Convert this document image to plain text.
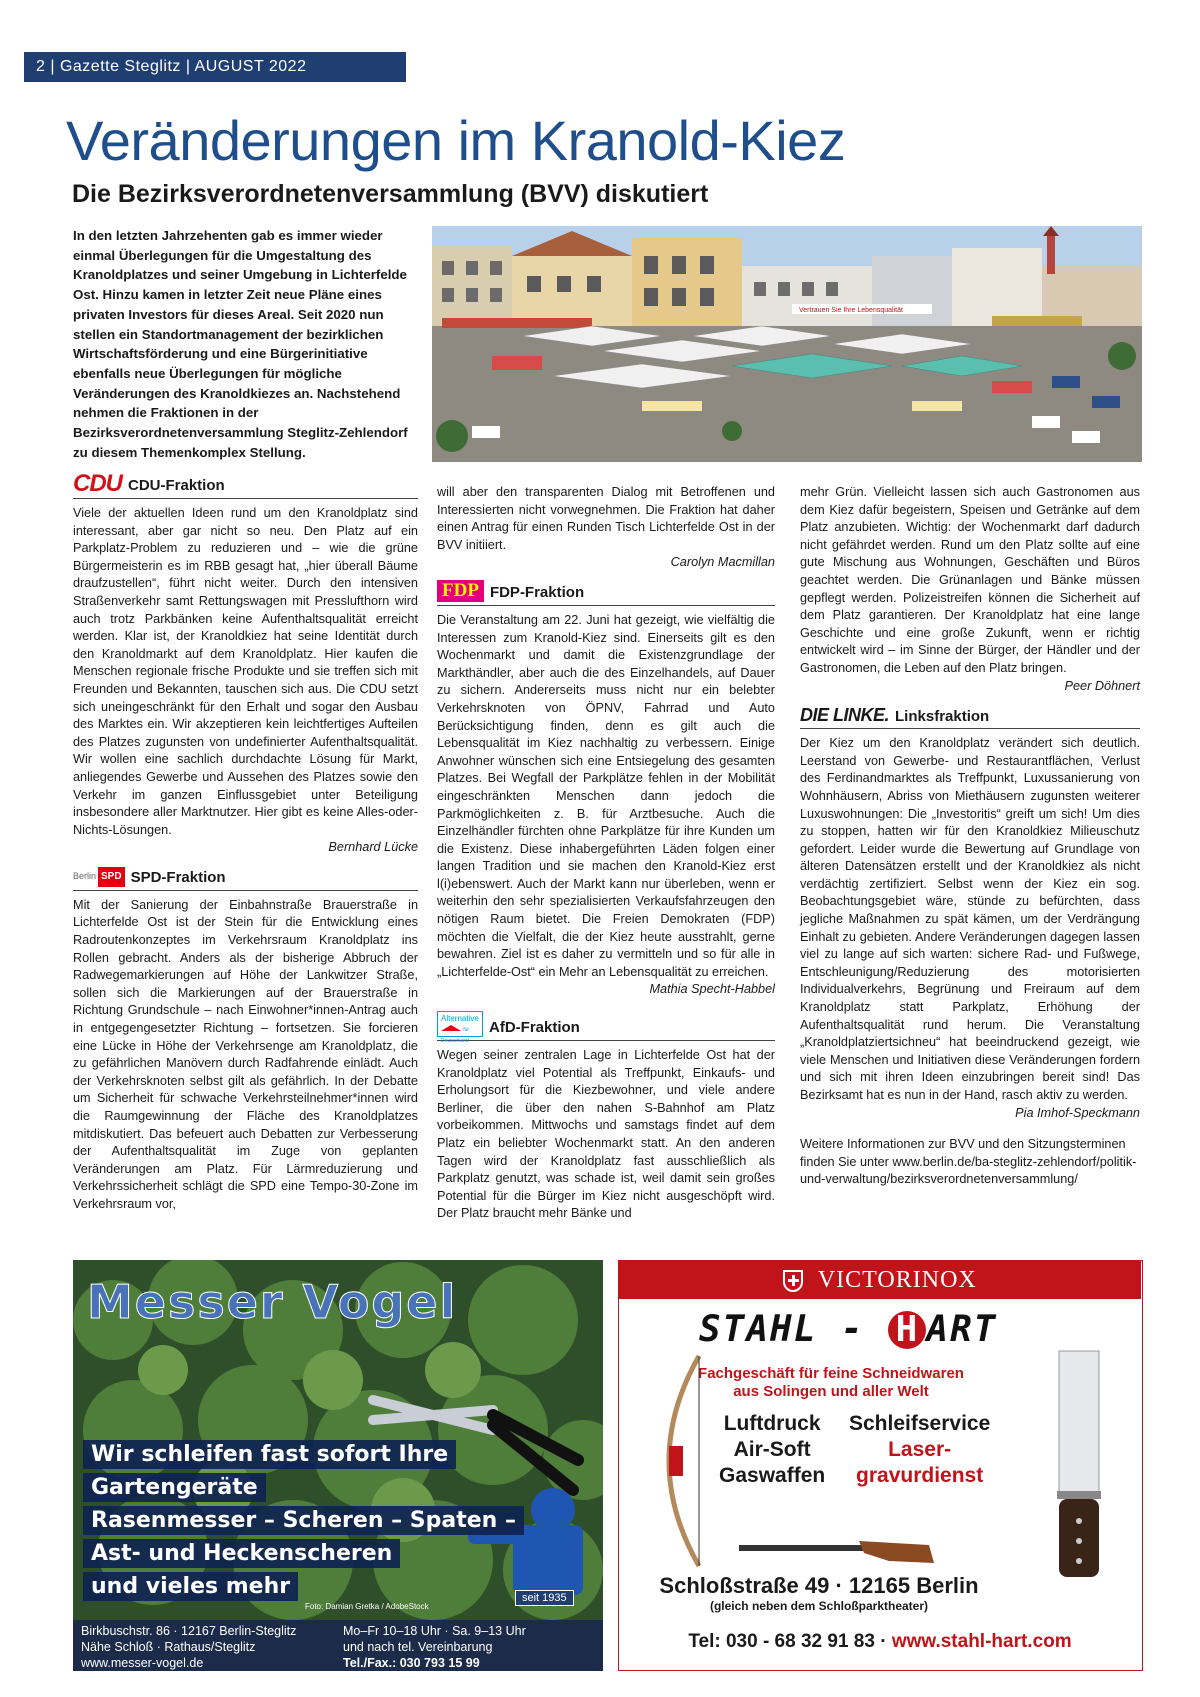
2 | Gazette Steglitz | AUGUST 2022
Veränderungen im Kranold-Kiez
Die Bezirksverordnetenversammlung (BVV) diskutiert

In den letzten Jahrzehenten gab es immer wieder einmal Überlegungen für die Umgestaltung des Kranoldplatzes und seiner Umgebung in Lichterfelde Ost. Hinzu kamen in letzter Zeit neue Pläne eines privaten Investors für dieses Areal. Seit 2020 nun stellen ein Standortmanagement der bezirklichen Wirtschaftsförderung und eine Bürgerinitiative ebenfalls neue Überlegungen für mögliche Veränderungen des Kranoldkiezes an. Nachstehend nehmen die Fraktionen in der Bezirksverordnetenversammlung Steglitz-Zehlendorf zu diesem Themenkomplex Stellung.

Vertrauen Sie Ihre Lebensqualität
CDU CDU-Fraktion

Viele der aktuellen Ideen rund um den Kranoldplatz sind interessant, aber gar nicht so neu. Den Platz auf ein Parkplatz-Problem zu reduzieren und – wie die grüne Bürgermeisterin es im RBB gesagt hat, „hier überall Bäume draufzustellen“, führt nicht weiter. Durch den intensiven Straßenverkehr samt Rettungswagen mit Presslufthorn wird auch trotz Parkbänken keine Aufenthaltsqualität erreicht werden. Klar ist, der Kranoldkiez hat seine Identität durch den Kranoldmarkt auf dem Kranoldplatz. Hier kaufen die Menschen regionale frische Produkte und sie treffen sich mit Freunden und Bekannten, tauschen sich aus. Die CDU setzt sich uneingeschränkt für den Erhalt und sogar den Ausbau des Marktes ein. Wir akzeptieren kein leichtfertiges Aufteilen des Platzes zugunsten von undefinierter Aufenthaltsqualität. Wir wollen eine sachlich durchdachte Lösung für Markt, anliegendes Gewerbe und Aussehen des Platzes sowie den Verkehr im ganzen Einflussgebiet unter Beteiligung insbesondere aller Marktnutzer. Hier gibt es keine Alles-oder-Nichts-Lösungen.

Bernhard Lücke
Berlin SPD SPD-Fraktion

Mit der Sanierung der Einbahnstraße Brauerstraße in Lichterfelde Ost ist der Stein für die Entwicklung eines Radroutenkonzeptes im Verkehrsraum Kranoldplatz ins Rollen gebracht. Anders als der bisherige Abbruch der Radwegemarkierungen auf Höhe der Lankwitzer Straße, sollen sich die Markierungen auf der Brauerstraße in Richtung Grundschule – nach Einwohner*innen-Antrag auch in entgegengesetzter Richtung – fortsetzen. Sie forcieren eine Lücke in Höhe der Verkehrsenge am Kranoldplatz, die zu gefährlichen Manövern durch Radfahrende einlädt. Auch der Verkehrsknoten selbst gilt als gefährlich. In der Debatte um Sicherheit für schwache Verkehrsteilnehmer*innen wird die Raumgewinnung der Fläche des Kranoldplatzes mitdiskutiert. Das befeuert auch Debatten zur Verbesserung der Aufenthaltsqualität im Zuge von geplanten Veränderungen am Platz. Für Lärmreduzierung und Verkehrssicherheit schlägt die SPD eine Tempo-30-Zone im Verkehrsraum vor,

will aber den transparenten Dialog mit Betroffenen und Interessierten nicht vorwegnehmen. Die Fraktion hat daher einen Antrag für einen Runden Tisch Lichterfelde Ost in der BVV initiiert.

Carolyn Macmillan
FDP FDP-Fraktion

Die Veranstaltung am 22. Juni hat gezeigt, wie vielfältig die Interessen zum Kranold-Kiez sind. Einerseits gilt es den Wochenmarkt und damit die Existenzgrundlage der Markthändler, aber auch die des Einzelhandels, auf Dauer zu sichern. Andererseits muss nicht nur ein belebter Verkehrsknoten von ÖPNV, Fahrrad und Auto Berücksichtigung finden, denn es gilt auch die Lebensqualität im Kiez nachhaltig zu verbessern. Einige Anwohner wünschen sich eine Entsiegelung des gesamten Platzes. Bei Wegfall der Parkplätze fehlen in der Mobilität eingeschränkten Menschen dann jedoch die Parkmöglichkeiten z. B. für Arztbesuche. Auch die Einzelhändler fürchten ohne Parkplätze für ihre Kunden um die Existenz. Diese inhabergeführten Läden folgen einer langen Tradition und sie machen den Kranold-Kiez erst l(i)ebenswert. Auch der Markt kann nur überleben, wenn er weiterhin den sehr spezialisierten Verkaufsfahrzeugen den nötigen Raum bietet. Die Freien Demokraten (FDP) möchten die Vielfalt, die der Kiez heute ausstrahlt, gerne bewahren. Ziel ist es daher zu vermitteln und so für alle in „Lichterfelde-Ost“ ein Mehr an Lebensqualität zu erreichen.

Mathia Specht-Habbel
Alternative
für Deutschland
AfD-Fraktion

Wegen seiner zentralen Lage in Lichterfelde Ost hat der Kranoldplatz viel Potential als Treffpunkt, Einkaufs- und Erholungsort für die Kiezbewohner, und viele andere Berliner, die über den nahen S-Bahnhof am Platz vorbeikommen. Mittwochs und samstags findet auf dem Platz ein beliebter Wochenmarkt statt. An den anderen Tagen wird der Kranoldplatz fast ausschließlich als Parkplatz genutzt, was schade ist, weil damit sein großes Potential für die Bürger im Kiez nicht ausgeschöpft wird. Der Platz braucht mehr Bänke und

mehr Grün. Vielleicht lassen sich auch Gastronomen aus dem Kiez dafür begeistern, Speisen und Getränke auf dem Platz anzubieten. Wichtig: der Wochenmarkt darf dadurch nicht gefährdet werden. Rund um den Platz sollte auf eine gute Mischung aus Wohnungen, Geschäften und Büros geachtet werden. Die Grünanlagen und Bänke müssen gepflegt werden. Polizeistreifen können die Sicherheit auf dem Platz garantieren. Der Kranoldplatz hat eine lange Geschichte und eine große Zukunft, wenn er richtig entwickelt wird – im Sinne der Bürger, der Händler und der Gastronomen, die Leben auf den Platz bringen.

Peer Döhnert
DIE LINKE. Linksfraktion

Der Kiez um den Kranoldplatz verändert sich deutlich. Leerstand von Gewerbe- und Restaurantflächen, Verlust des Ferdinandmarktes als Treffpunkt, Luxussanierung von Wohnhäusern, Abriss von Miethäusern zugunsten weiterer Luxuswohnungen: Die „Investoritis“ greift um sich! Um dies zu stoppen, hatten wir für den Kranoldkiez Milieuschutz gefordert. Leider wurde die Bewertung auf Grundlage von älteren Datensätzen erstellt und der Kranoldkiez als nicht verdächtig zertifiziert. Selbst wenn der Kiez ein sog. Beobachtungsgebiet wäre, stünde zu befürchten, dass jegliche Maßnahmen zu spät kämen, um der Verdrängung Einhalt zu gebieten. Andere Veränderungen dagegen lassen viel zu lange auf sich warten: sichere Rad- und Fußwege, Entschleunigung/Reduzierung des motorisierten Individualverkehrs, Begrünung und Freiraum auf dem Kranoldplatz statt Parkplatz, Erhöhung der Aufenthaltsqualität rund herum. Die Veranstaltung „Kranoldplatziertsichneu“ hat beeindruckend gezeigt, wie viele Menschen und Initiativen diese Veränderungen fordern und sich mit ihren Ideen einzubringen bereit sind! Das Bezirksamt hat es nun in der Hand, rasch aktiv zu werden.

Pia Imhof-Speckmann

Weitere Informationen zur BVV und den Sitzungsterminen finden Sie unter www.berlin.de/ba-steglitz-zehlendorf/politik-und-verwaltung/bezirksverordnetenversammlung/

Messer Vogel
Wir schleifen fast sofort Ihre
Gartengeräte
Rasenmesser – Scheren – Spaten –
Ast- und Heckenscheren
und vieles mehr
Foto: Damian Gretka / AdobeStock
seit 1935
Birkbuschstr. 86 · 12167 Berlin-Steglitz
Nähe Schloß · Rathaus/Steglitz
www.messer-vogel.de
Mo–Fr 10–18 Uhr · Sa. 9–13 Uhr
und nach tel. Vereinbarung
Tel./Fax.: 030 793 15 99
VICTORINOX
STAHL - H ART
Fachgeschäft für feine Schneidwaren
aus Solingen und aller Welt
Luftdruck
Air-Soft
Gaswaffen
Schleifservice
Laser-
gravurdienst
Schloßstraße 49 · 12165 Berlin
(gleich neben dem Schloßparktheater)
Tel: 030 - 68 32 91 83 · www.stahl-hart.com
